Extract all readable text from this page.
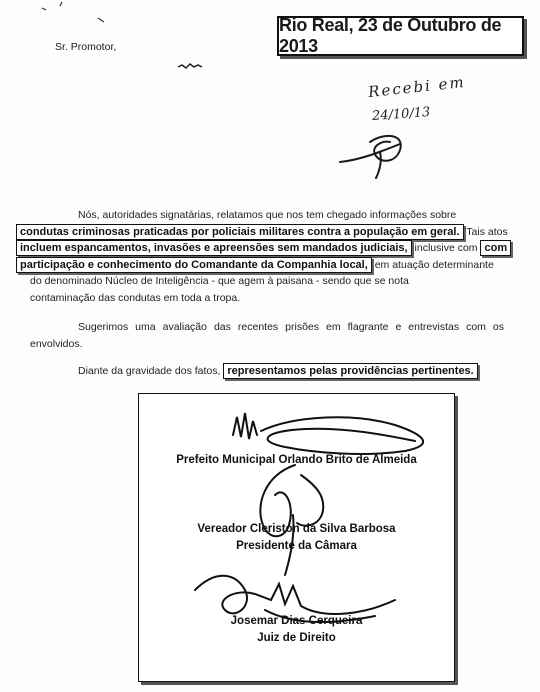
Rio Real, 23 de Outubro de 2013
Sr. Promotor,
Recebi em
24/10/13
Nós, autoridades signatárias, relatamos que nos tem chegado informações sobre
condutas criminosas praticadas por policiais militares contra a população em geral. Tais atos
incluem espancamentos, invasões e apreensões sem mandados judiciais, inclusive com com
participação e conhecimento do Comandante da Companhia local, em atuação determinante
do denominado Núcleo de Inteligência - que agem à paisana - sendo que se nota
contaminação das condutas em toda a tropa.
Sugerimos uma avaliação das recentes prisões em flagrante e entrevistas com os envolvidos.
Diante da gravidade dos fatos, representamos pelas providências pertinentes.
Prefeito Municipal Orlando Brito de Almeida
Vereador Cleriston da Silva Barbosa
Presidente da Câmara
Josemar Dias Cerqueira
Juiz de Direito
